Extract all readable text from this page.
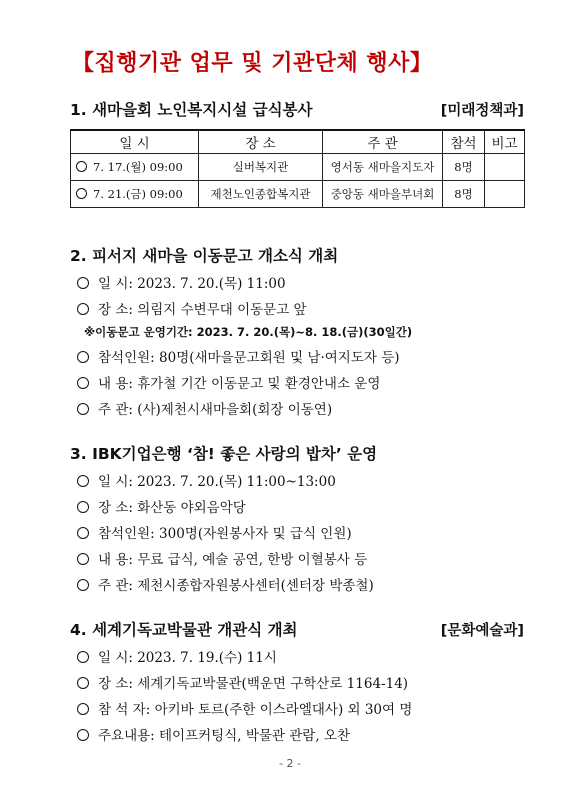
【집행기관 업무 및 기관단체 행사】
1. 새마을회 노인복지시설 급식봉사	[미래정책과]
일 시	장 소	주 관	참석	비고
7. 17.(월) 09:00	실버복지관	영서동 새마을지도자	8명	
7. 21.(금) 09:00	제천노인종합복지관	중앙동 새마을부녀회	8명	
2. 피서지 새마을 이동문고 개소식 개최
일 시: 2023. 7. 20.(목) 11:00
장 소: 의림지 수변무대 이동문고 앞
※이동문고 운영기간: 2023. 7. 20.(목)~8. 18.(금)(30일간)
참석인원: 80명(새마을문고회원 및 남·여지도자 등)
내 용: 휴가철 기간 이동문고 및 환경안내소 운영
주 관: (사)제천시새마을회(회장 이동연)
3. IBK기업은행 ‘참! 좋은 사랑의 밥차’ 운영
일 시: 2023. 7. 20.(목) 11:00~13:00
장 소: 화산동 야외음악당
참석인원: 300명(자원봉사자 및 급식 인원)
내 용: 무료 급식, 예술 공연, 한방 이혈봉사 등
주 관: 제천시종합자원봉사센터(센터장 박종철)
4. 세계기독교박물관 개관식 개최	[문화예술과]
일 시: 2023. 7. 19.(수) 11시
장 소: 세계기독교박물관(백운면 구학산로 1164-14)
참 석 자: 아키바 토르(주한 이스라엘대사) 외 30여 명
주요내용: 테이프커팅식, 박물관 관람, 오찬
- 2 -
